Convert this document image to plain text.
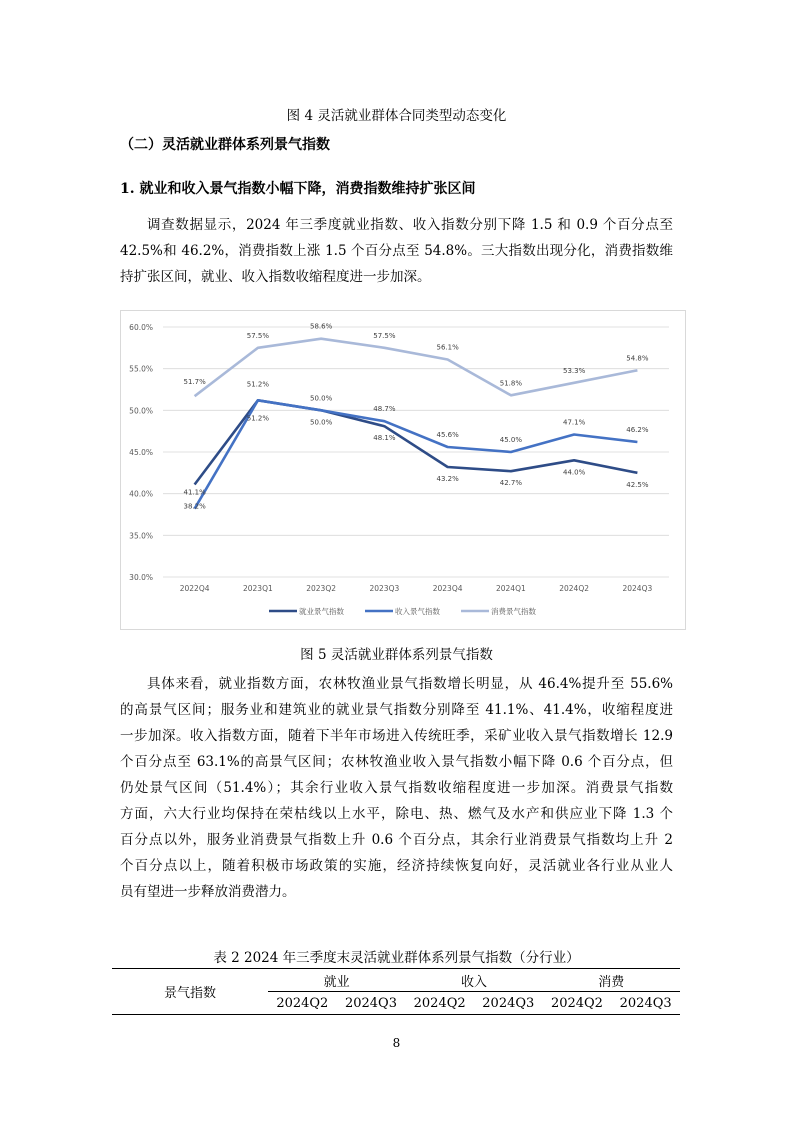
图 4 灵活就业群体合同类型动态变化
（二）灵活就业群体系列景气指数
1. 就业和收入景气指数小幅下降，消费指数维持扩张区间
调查数据显示，2024 年三季度就业指数、收入指数分别下降 1.5 和 0.9 个百分点至
42.5%和 46.2%，消费指数上涨 1.5 个百分点至 54.8%。三大指数出现分化，消费指数维
持扩张区间，就业、收入指数收缩程度进一步加深。
30.0%
35.0%
40.0%
45.0%
50.0%
55.0%
60.0%
2022Q4	2023Q1	2023Q2	2023Q3	2023Q4	2024Q1	2024Q2	2024Q3
41.1%
51.2%	50.0%
48.1%
43.2%
42.7%
44.0%
42.5%
38.2%
51.2%
50.0%
48.7%
45.6%
45.0%
47.1%
46.2%
51.7%
57.5%
58.6%
57.5%
56.1%
51.8%
53.3%
54.8%
就业景气指数	收入景气指数	消费景气指数
图 5 灵活就业群体系列景气指数
具体来看，就业指数方面，农林牧渔业景气指数增长明显，从 46.4%提升至 55.6%
的高景气区间；服务业和建筑业的就业景气指数分别降至 41.1%、41.4%，收缩程度进
一步加深。收入指数方面，随着下半年市场进入传统旺季，采矿业收入景气指数增长 12.9
个百分点至 63.1%的高景气区间；农林牧渔业收入景气指数小幅下降 0.6 个百分点，但
仍处景气区间（51.4%）；其余行业收入景气指数收缩程度进一步加深。消费景气指数
方面，六大行业均保持在荣枯线以上水平，除电、热、燃气及水产和供应业下降 1.3 个
百分点以外，服务业消费景气指数上升 0.6 个百分点，其余行业消费景气指数均上升 2
个百分点以上，随着积极市场政策的实施，经济持续恢复向好，灵活就业各行业从业人
员有望进一步释放消费潜力。
表 2 2024 年三季度末灵活就业群体系列景气指数（分行业）
景气指数	就业		收入		消费	
	2024Q2	2024Q3	2024Q2	2024Q3	2024Q2	2024Q3
8
